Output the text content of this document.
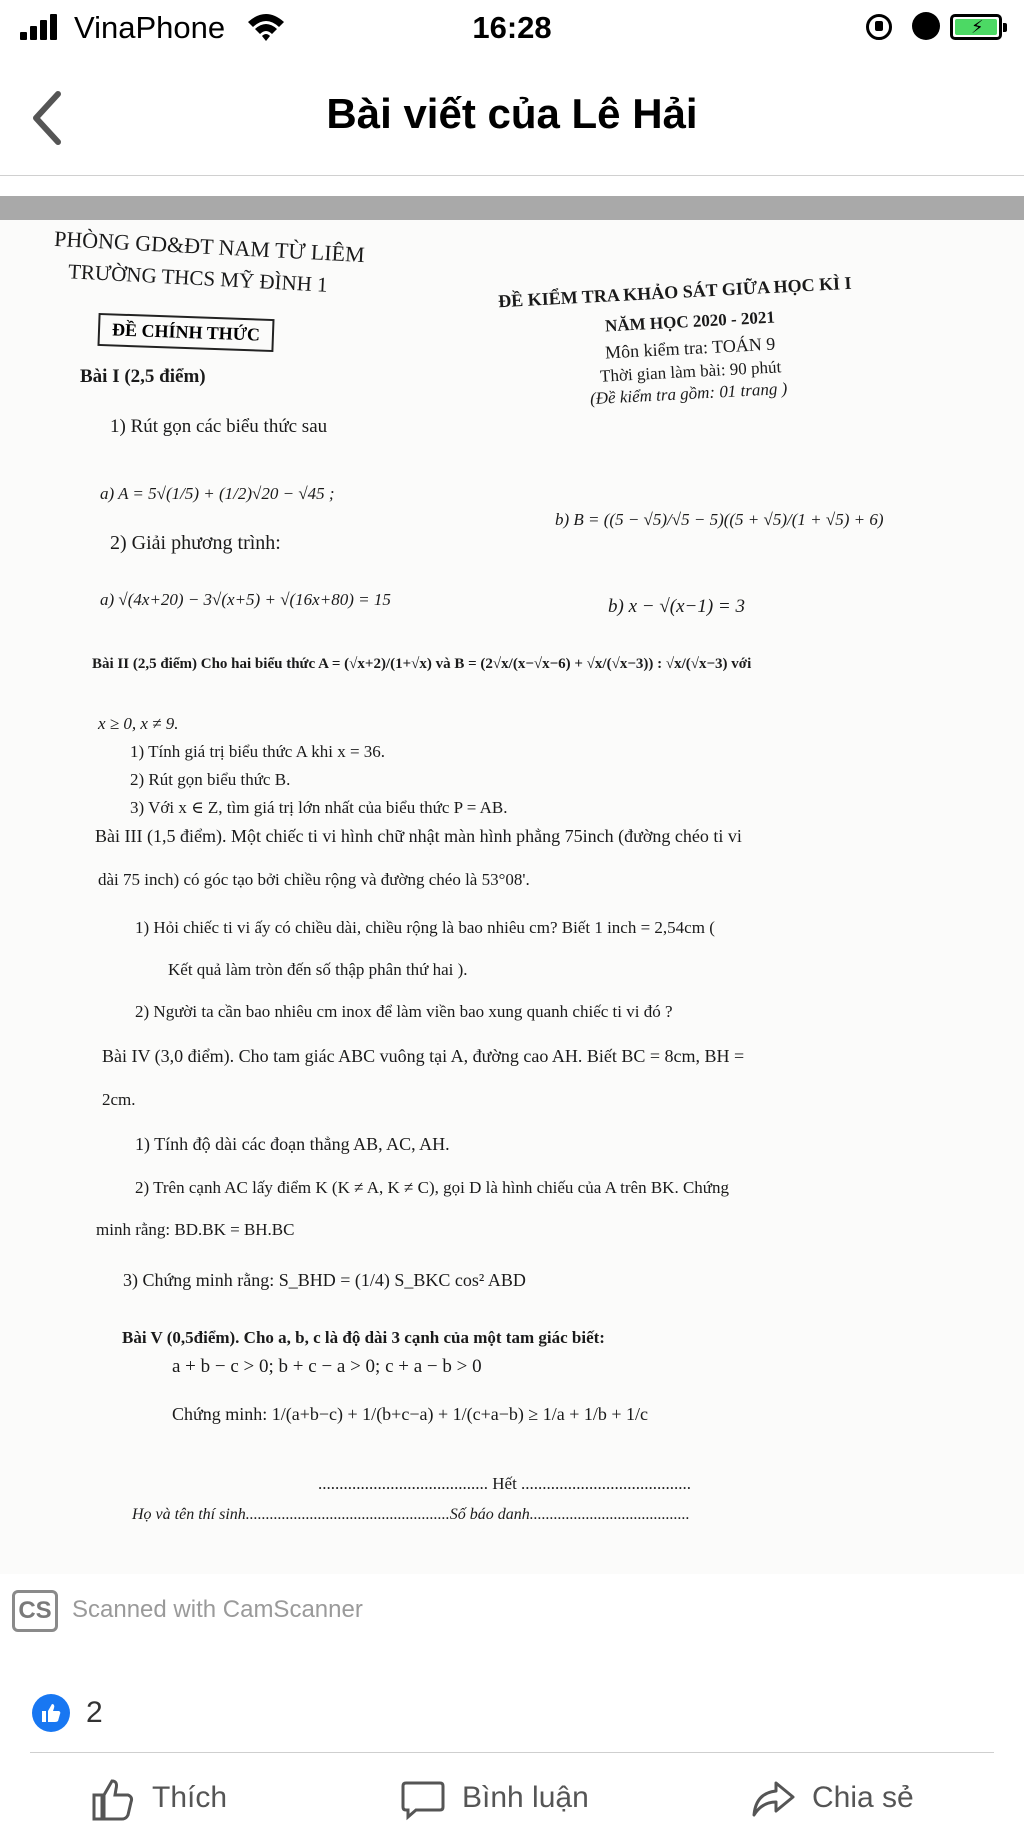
VinaPhone	16:28	⚡
Bài viết của Lê Hải
PHÒNG GD&ĐT NAM TỪ LIÊM
TRƯỜNG THCS MỸ ĐÌNH 1
ĐỀ CHÍNH THỨC
ĐỀ KIỂM TRA KHẢO SÁT GIỮA HỌC KÌ I
NĂM HỌC 2020 - 2021
Môn kiểm tra: TOÁN 9
Thời gian làm bài: 90 phút
(Đề kiểm tra gồm: 01 trang )
Bài I (2,5 điểm)
1) Rút gọn các biểu thức sau
a) A = 5√(1/5) + (1/2)√20 − √45 ;
b) B = ((5 − √5)/√5 − 5)((5 + √5)/(1 + √5) + 6)
2) Giải phương trình:
a) √(4x+20) − 3√(x+5) + √(16x+80) = 15	b) x − √(x−1) = 3
Bài II (2,5 điểm) Cho hai biểu thức A = (√x+2)/(1+√x) và B = (2√x/(x−√x−6) + √x/(√x−3)) : √x/(√x−3) với
x ≥ 0, x ≠ 9.
1) Tính giá trị biểu thức A khi x = 36.
2) Rút gọn biểu thức B.
3) Với x ∈ Z, tìm giá trị lớn nhất của biểu thức P = AB.
Bài III (1,5 điểm). Một chiếc ti vi hình chữ nhật màn hình phẳng 75inch (đường chéo ti vi
dài 75 inch) có góc tạo bởi chiều rộng và đường chéo là 53°08'.
1) Hỏi chiếc ti vi ấy có chiều dài, chiều rộng là bao nhiêu cm? Biết 1 inch = 2,54cm (
Kết quả làm tròn đến số thập phân thứ hai ).
2) Người ta cần bao nhiêu cm inox để làm viền bao xung quanh chiếc ti vi đó ?
Bài IV (3,0 điểm). Cho tam giác ABC vuông tại A, đường cao AH. Biết BC = 8cm, BH =
2cm.
1) Tính độ dài các đoạn thẳng AB, AC, AH.
2) Trên cạnh AC lấy điểm K (K ≠ A, K ≠ C), gọi D là hình chiếu của A trên BK. Chứng
minh rằng: BD.BK = BH.BC
3) Chứng minh rằng: S_BHD = (1/4) S_BKC cos² ABD
Bài V (0,5điểm). Cho a, b, c là độ dài 3 cạnh của một tam giác biết:
a + b − c > 0; b + c − a > 0; c + a − b > 0
Chứng minh: 1/(a+b−c) + 1/(b+c−a) + 1/(c+a−b) ≥ 1/a + 1/b + 1/c
........................................ Hết ........................................
Họ và tên thí sinh...................................................Số báo danh........................................
CS Scanned with CamScanner
2
Thích	Bình luận	Chia sẻ
